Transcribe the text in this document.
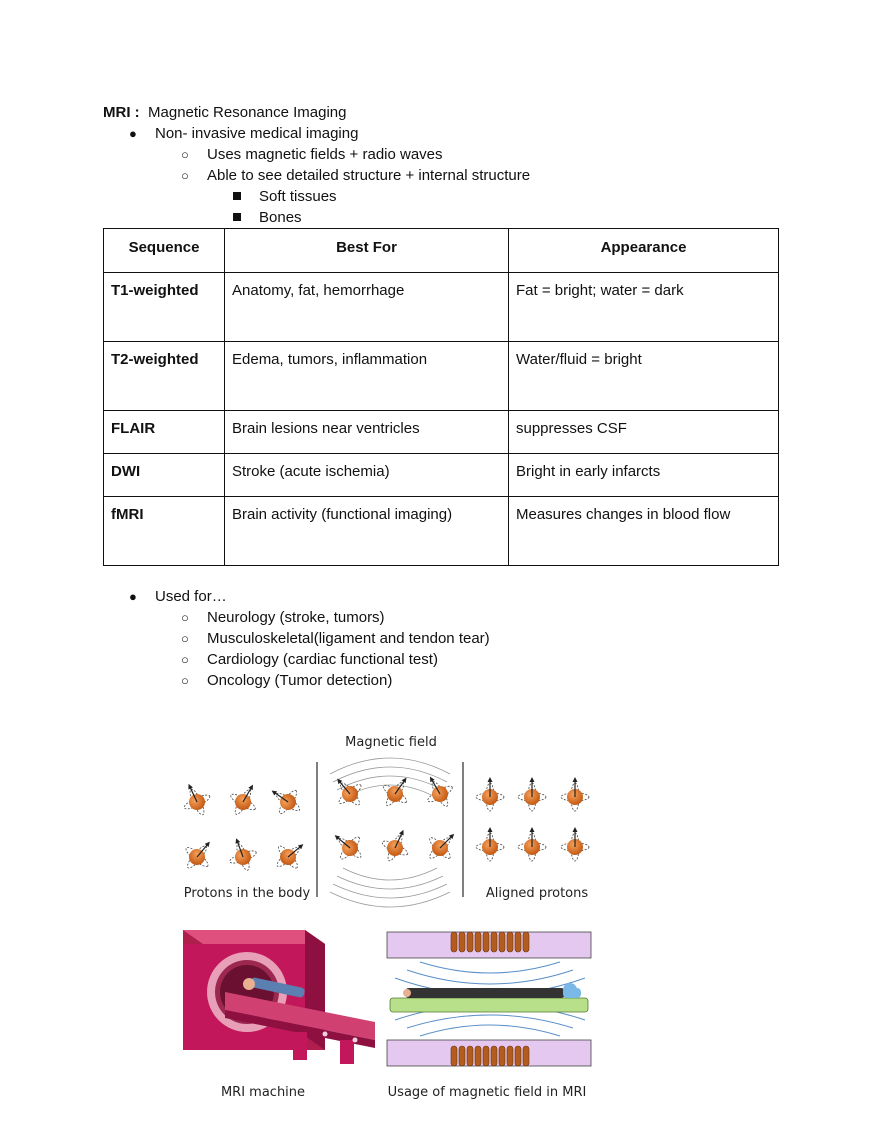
MRI : Magnetic Resonance Imaging
● Non- invasive medical imaging
○ Uses magnetic fields + radio waves
○ Able to see detailed structure + internal structure
Soft tissues
Bones
Sequence	Best For	Appearance
T1-weighted	Anatomy, fat, hemorrhage	Fat = bright; water = dark
T2-weighted	Edema, tumors, inflammation	Water/fluid = bright
FLAIR	Brain lesions near ventricles	suppresses CSF
DWI	Stroke (acute ischemia)	Bright in early infarcts
fMRI	Brain activity (functional imaging)	Measures changes in blood flow
● Used for…
○ Neurology (stroke, tumors)
○ Musculoskeletal(ligament and tendon tear)
○ Cardiology (cardiac functional test)
○ Oncology (Tumor detection)
Magnetic field
Protons in the body	Aligned protons
MRI machine	Usage of magnetic field in MRI
